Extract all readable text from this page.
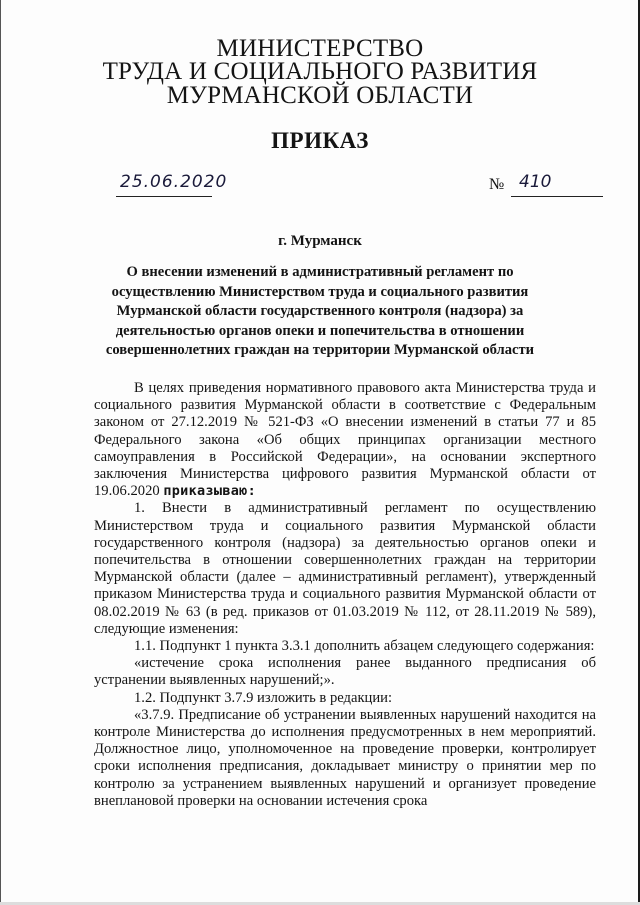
МИНИСТЕРСТВО
ТРУДА И СОЦИАЛЬНОГО РАЗВИТИЯ
МУРМАНСКОЙ ОБЛАСТИ
ПРИКАЗ
25.06.2020	№ 410
г. Мурманск
О внесении изменений в административный регламент по осуществлению Министерством труда и социального развития Мурманской области государственного контроля (надзора) за деятельностью органов опеки и попечительства в отношении совершеннолетних граждан на территории Мурманской области

В целях приведения нормативного правового акта Министерства труда и социального развития Мурманской области в соответствие с Федеральным законом от 27.12.2019 № 521-ФЗ «О внесении изменений в статьи 77 и 85 Федерального закона «Об общих принципах организации местного самоуправления в Российской Федерации», на основании экспертного заключения Министерства цифрового развития Мурманской области от 19.06.2020 приказываю:

1. Внести в административный регламент по осуществлению Министерством труда и социального развития Мурманской области государственного контроля (надзора) за деятельностью органов опеки и попечительства в отношении совершеннолетних граждан на территории Мурманской области (далее – административный регламент), утвержденный приказом Министерства труда и социального развития Мурманской области от 08.02.2019 № 63 (в ред. приказов от 01.03.2019 № 112, от 28.11.2019 № 589), следующие изменения:

1.1. Подпункт 1 пункта 3.3.1 дополнить абзацем следующего содержания:

«истечение срока исполнения ранее выданного предписания об устранении выявленных нарушений;».

1.2. Подпункт 3.7.9 изложить в редакции:

«3.7.9. Предписание об устранении выявленных нарушений находится на контроле Министерства до исполнения предусмотренных в нем мероприятий. Должностное лицо, уполномоченное на проведение проверки, контролирует сроки исполнения предписания, докладывает министру о принятии мер по контролю за устранением выявленных нарушений и организует проведение внеплановой проверки на основании истечения срока
